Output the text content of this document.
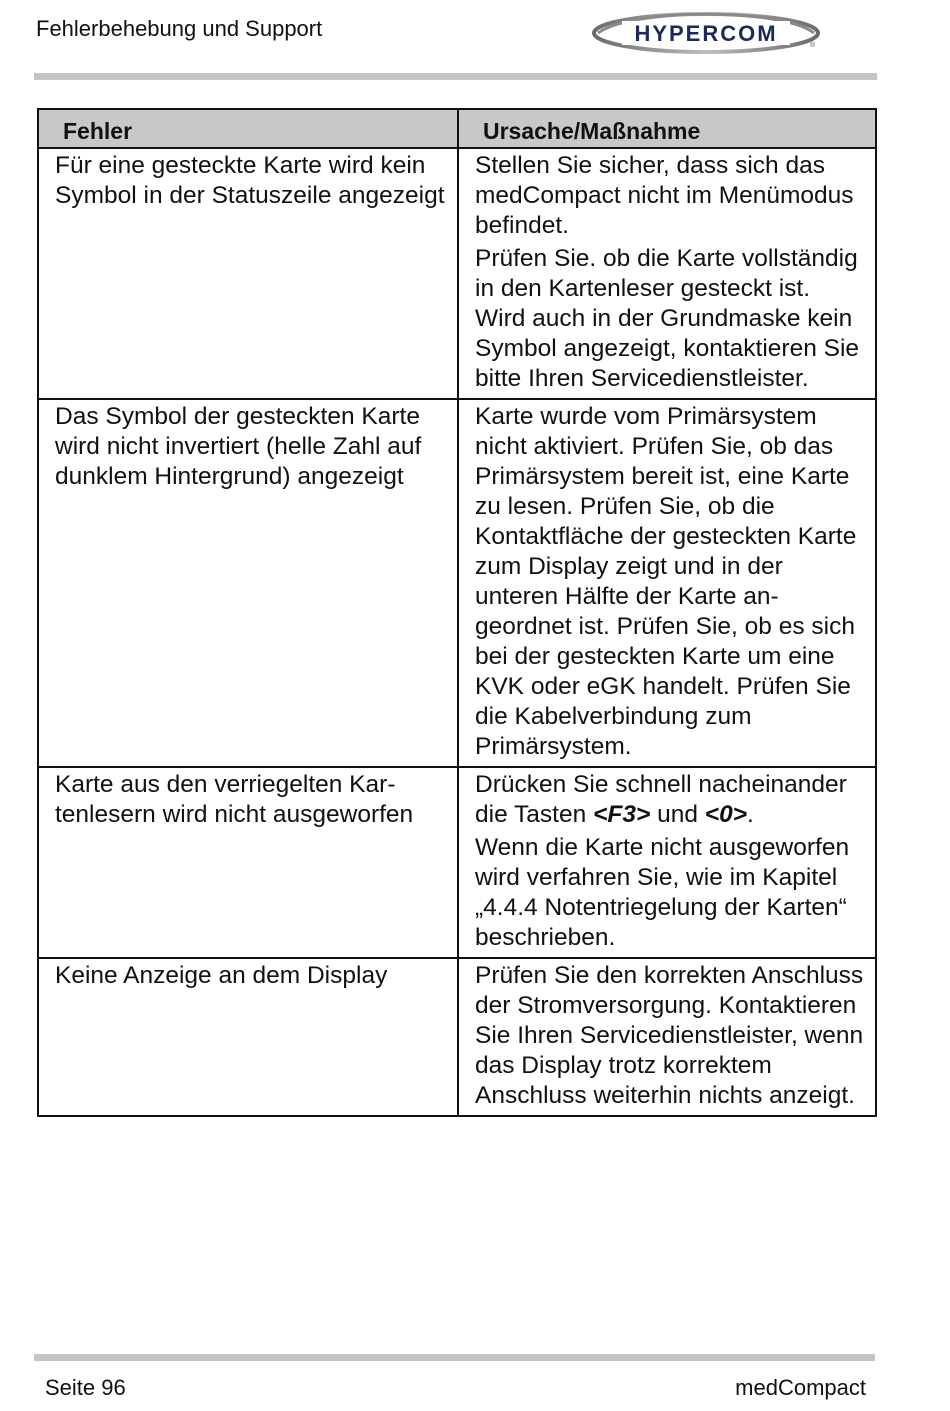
Fehlerbehebung und Support	HYPERCOM	®
Fehler	Ursache/Maßnahme
Für eine gesteckte Karte wird kein Symbol in der Statuszeile angezeigt	Stellen Sie sicher, dass sich das medCompact nicht im Menümodus befindet.

Prüfen Sie. ob die Karte vollständig in den Kartenleser gesteckt ist.

Wird auch in der Grundmaske kein Symbol angezeigt, kontaktieren Sie bitte Ihren Servicedienstleister.

Das Symbol der gesteckten Karte wird nicht invertiert (helle Zahl auf dunklem Hintergrund) angezeigt	Karte wurde vom Primärsystem nicht aktiviert. Prüfen Sie, ob das Primärsystem bereit ist, eine Karte zu lesen. Prüfen Sie, ob die Kontaktfläche der gesteckten Karte zum Display zeigt und in der unteren Hälfte der Karte angeordnet ist. Prüfen Sie, ob es sich bei der gesteckten Karte um eine KVK oder eGK handelt. Prüfen Sie die Kabelverbindung zum Primärsystem.

Karte aus den verriegelten Kartenlesern wird nicht ausgeworfen	Drücken Sie schnell nacheinander die Tasten <F3> und <0>.

Wenn die Karte nicht ausgeworfen wird verfahren Sie, wie im Kapitel „4.4.4 Notentriegelung der Karten“ beschrieben.

Keine Anzeige an dem Display	Prüfen Sie den korrekten Anschluss der Stromversorgung. Kontaktieren Sie Ihren Servicedienstleister, wenn das Display trotz korrektem Anschluss weiterhin nichts anzeigt.

Seite 96	medCompact
